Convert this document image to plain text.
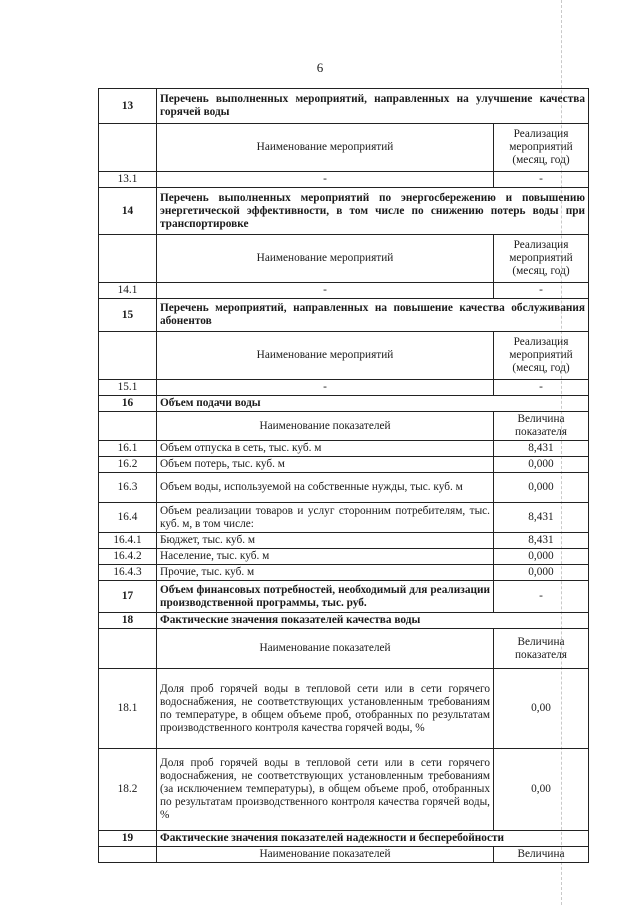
6
13	Перечень выполненных мероприятий, направленных на улучшение качества горячей воды	
	Наименование мероприятий	Реализация мероприятий (месяц, год)
13.1	-	-
14	Перечень выполненных мероприятий по энергосбережению и повышению энергетической эффективности, в том числе по снижению потерь воды при транспортировке	
	Наименование мероприятий	Реализация мероприятий (месяц, год)
14.1	-	-
15	Перечень мероприятий, направленных на повышение качества обслуживания абонентов	
	Наименование мероприятий	Реализация мероприятий (месяц, год)
15.1	-	-
16	Объем подачи воды	
	Наименование показателей	Величина показателя
16.1	Объем отпуска в сеть, тыс. куб. м	8,431
16.2	Объем потерь, тыс. куб. м	0,000
16.3	Объем воды, используемой на собственные нужды, тыс. куб. м	0,000
16.4	Объем реализации товаров и услуг сторонним потребителям, тыс. куб. м, в том числе:	8,431
16.4.1	Бюджет, тыс. куб. м	8,431
16.4.2	Население, тыс. куб. м	0,000
16.4.3	Прочие, тыс. куб. м	0,000
17	Объем финансовых потребностей, необходимый для реализации производственной программы, тыс. руб.	-
18	Фактические значения показателей качества воды	
	Наименование показателей	Величина показателя
18.1	Доля проб горячей воды в тепловой сети или в сети горячего водоснабжения, не соответствующих установленным требованиям по температуре, в общем объеме проб, отобранных по результатам производственного контроля качества горячей воды, %	0,00
18.2	Доля проб горячей воды в тепловой сети или в сети горячего водоснабжения, не соответствующих установленным требованиям (за исключением температуры), в общем объеме проб, отобранных по результатам производственного контроля качества горячей воды, %	0,00
19	Фактические значения показателей надежности и бесперебойности	
	Наименование показателей	Величина
